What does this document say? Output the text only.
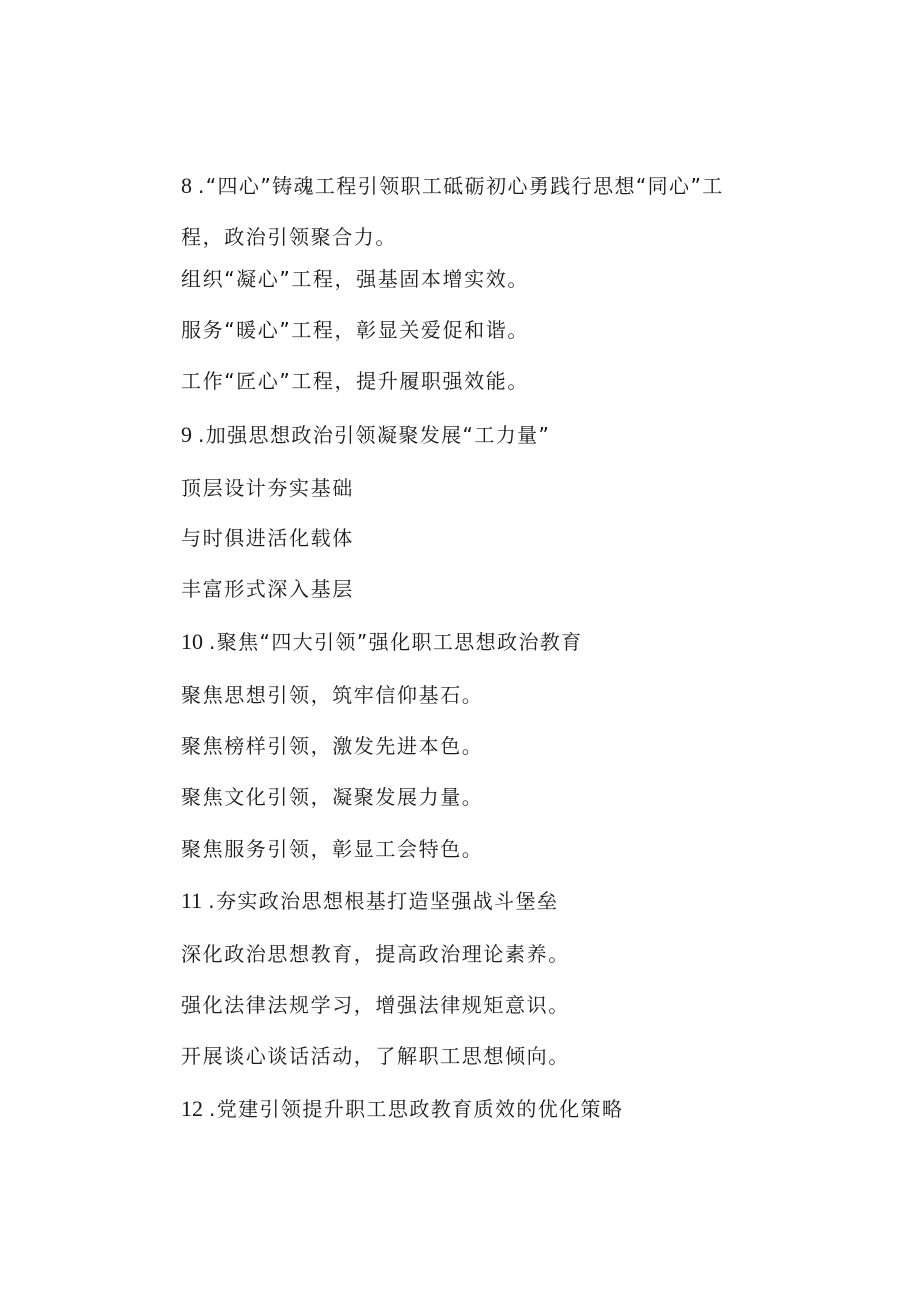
8 .“四心”铸魂工程引领职工砥砺初心勇践行思想“同心”工
程，政治引领聚合力。
组织“凝心”工程，强基固本增实效。
服务“暖心”工程，彰显关爱促和谐。
工作“匠心”工程，提升履职强效能。
9 .加强思想政治引领凝聚发展“工力量”
顶层设计夯实基础
与时俱进活化载体
丰富形式深入基层
10 .聚焦“四大引领”强化职工思想政治教育
聚焦思想引领，筑牢信仰基石。
聚焦榜样引领，激发先进本色。
聚焦文化引领，凝聚发展力量。
聚焦服务引领，彰显工会特色。
11 .夯实政治思想根基打造坚强战斗堡垒
深化政治思想教育，提高政治理论素养。
强化法律法规学习，增强法律规矩意识。
开展谈心谈话活动，了解职工思想倾向。
12 .党建引领提升职工思政教育质效的优化策略
